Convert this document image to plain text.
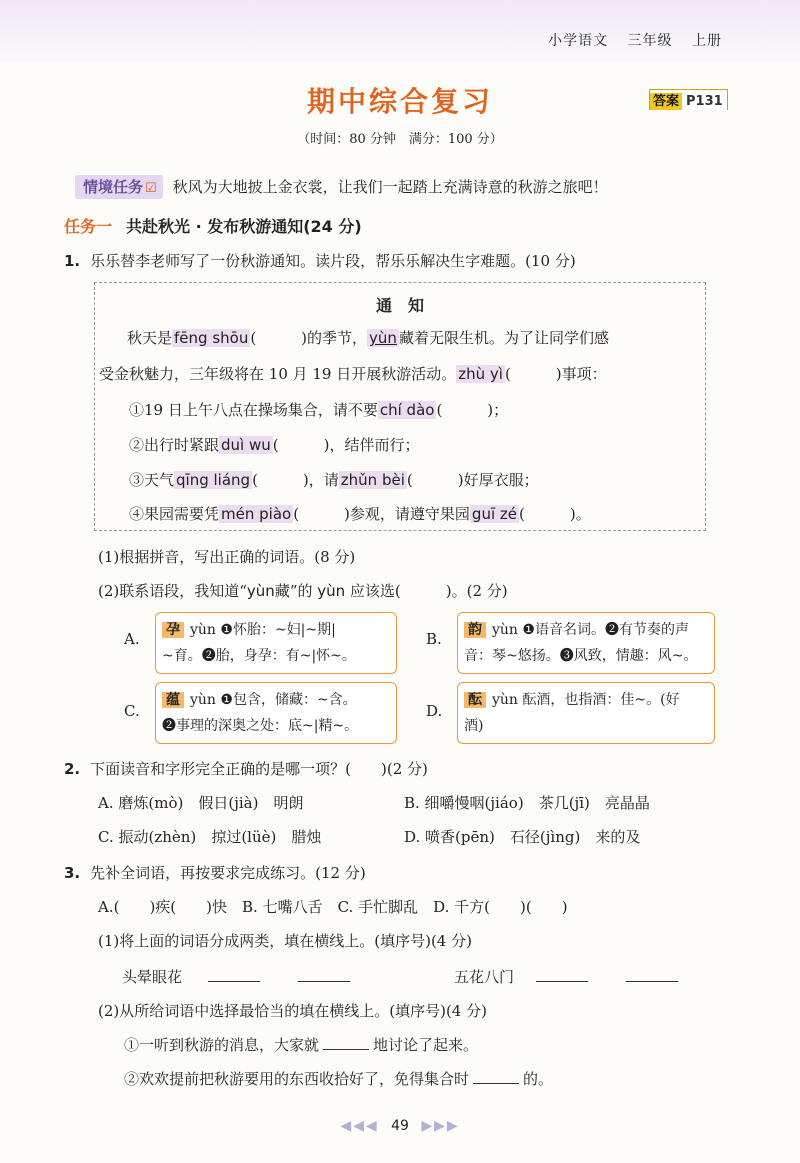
小学语文 三年级 上册
期中综合复习	答案 P131
（时间：80 分钟　满分：100 分）
情境任务 ☑ 秋风为大地披上金衣裳，让我们一起踏上充满诗意的秋游之旅吧！
任务一 共赴秋光 · 发布秋游通知(24 分)
1. 乐乐替李老师写了一份秋游通知。读片段，帮乐乐解决生字难题。(10 分)
通　知
秋天是 fēng shōu (　　　)的季节， yùn 藏着无限生机。为了让同学们感
受金秋魅力，三年级将在 10 月 19 日开展秋游活动。 zhù yì (　　　)事项：
①19 日上午八点在操场集合，请不要 chí dào (　　　)；
②出行时紧跟 duì wu (　　　)，结伴而行；
③天气 qīng liáng (　　　)，请 zhǔn bèi (　　　)好厚衣服；
④果园需要凭 mén piào (　　　)参观，请遵守果园 guī zé (　　　)。
(1)根据拼音，写出正确的词语。(8 分)
(2)联系语段，我知道“yùn藏”的 yùn 应该选(　　　)。(2 分)
A. 孕 yùn ❶怀胎：~妇|~期|
~育。❷胎，身孕：有~|怀~。
B. 韵 yùn ❶语音名词。❷有节奏的声
音：琴~悠扬。❸风致，情趣：风~。
C.
蕴 yùn ❶包含，储藏：~含。
❷事理的深奥之处：底~|精~。
D.
酝 yùn 酝酒，也指酒：佳~。(好
酒)
2. 下面读音和字形完全正确的是哪一项？(　　)(2 分)
A. 磨炼(mò)　 假日(jià)　 明朗	B. 细嚼慢咽(jiáo)　 茶几(jī)　 亮晶晶
C. 振动(zhèn)　 掠过(lüè)　 腊烛	D. 喷香(pēn)　 石径(jìng)　 来的及
3. 先补全词语，再按要求完成练习。(12 分)
A.(　　)疾(　　)快　 B. 七嘴八舌　 C. 手忙脚乱　 D. 千方(　　)(　　)
(1)将上面的词语分成两类，填在横线上。(填序号)(4 分)
头晕眼花	五花八门
(2)从所给词语中选择最恰当的填在横线上。(填序号)(4 分)
①一听到秋游的消息，大家就	地讨论了起来。
②欢欢提前把秋游要用的东西收拾好了，免得集合时	的。
◀◀◀ 49 ▶▶▶
